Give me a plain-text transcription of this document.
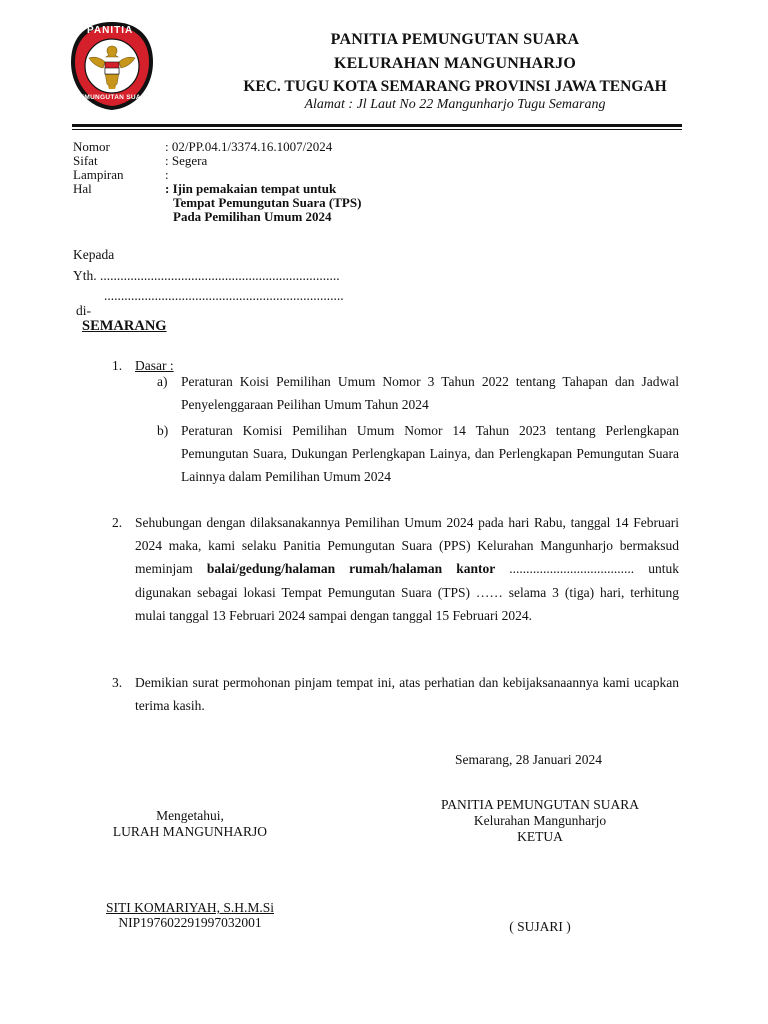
PANITIA
PEMUNGUTAN SUARA
PANITIA PEMUNGUTAN SUARA
KELURAHAN MANGUNHARJO
KEC. TUGU KOTA SEMARANG PROVINSI JAWA TENGAH
Alamat : Jl Laut No 22 Mangunharjo Tugu Semarang
Nomor	: 02/PP.04.1/3374.16.1007/2024
Sifat	: Segera
Lampiran	:
Hal	: Ijin pemakaian tempat untuk
Tempat Pemungutan Suara (TPS)
Pada Pemilihan Umum 2024
Kepada
Yth. .......................................................................
.......................................................................
di-
SEMARANG
1. Dasar :
a) Peraturan Koisi Pemilihan Umum Nomor 3 Tahun 2022 tentang Tahapan dan Jadwal Penyelenggaraan Peilihan Umum Tahun 2024
b) Peraturan Komisi Pemilihan Umum Nomor 14 Tahun 2023 tentang Perlengkapan Pemungutan Suara, Dukungan Perlengkapan Lainya, dan Perlengkapan Pemungutan Suara Lainnya dalam Pemilihan Umum 2024
2. Sehubungan dengan dilaksanakannya Pemilihan Umum 2024 pada hari Rabu, tanggal 14 Februari 2024 maka, kami selaku Panitia Pemungutan Suara (PPS) Kelurahan Mangunharjo bermaksud meminjam balai/gedung/halaman rumah/halaman kantor ..................................... untuk digunakan sebagai lokasi Tempat Pemungutan Suara (TPS) …… selama 3 (tiga) hari, terhitung mulai tanggal 13 Februari 2024 sampai dengan tanggal 15 Februari 2024.
3. Demikian surat permohonan pinjam tempat ini, atas perhatian dan kebijaksanaannya kami ucapkan terima kasih.
Semarang, 28 Januari 2024
Mengetahui,
LURAH MANGUNHARJO
SITI KOMARIYAH, S.H.M.Si
NIP197602291997032001
PANITIA PEMUNGUTAN SUARA
Kelurahan Mangunharjo
KETUA
( SUJARI )
